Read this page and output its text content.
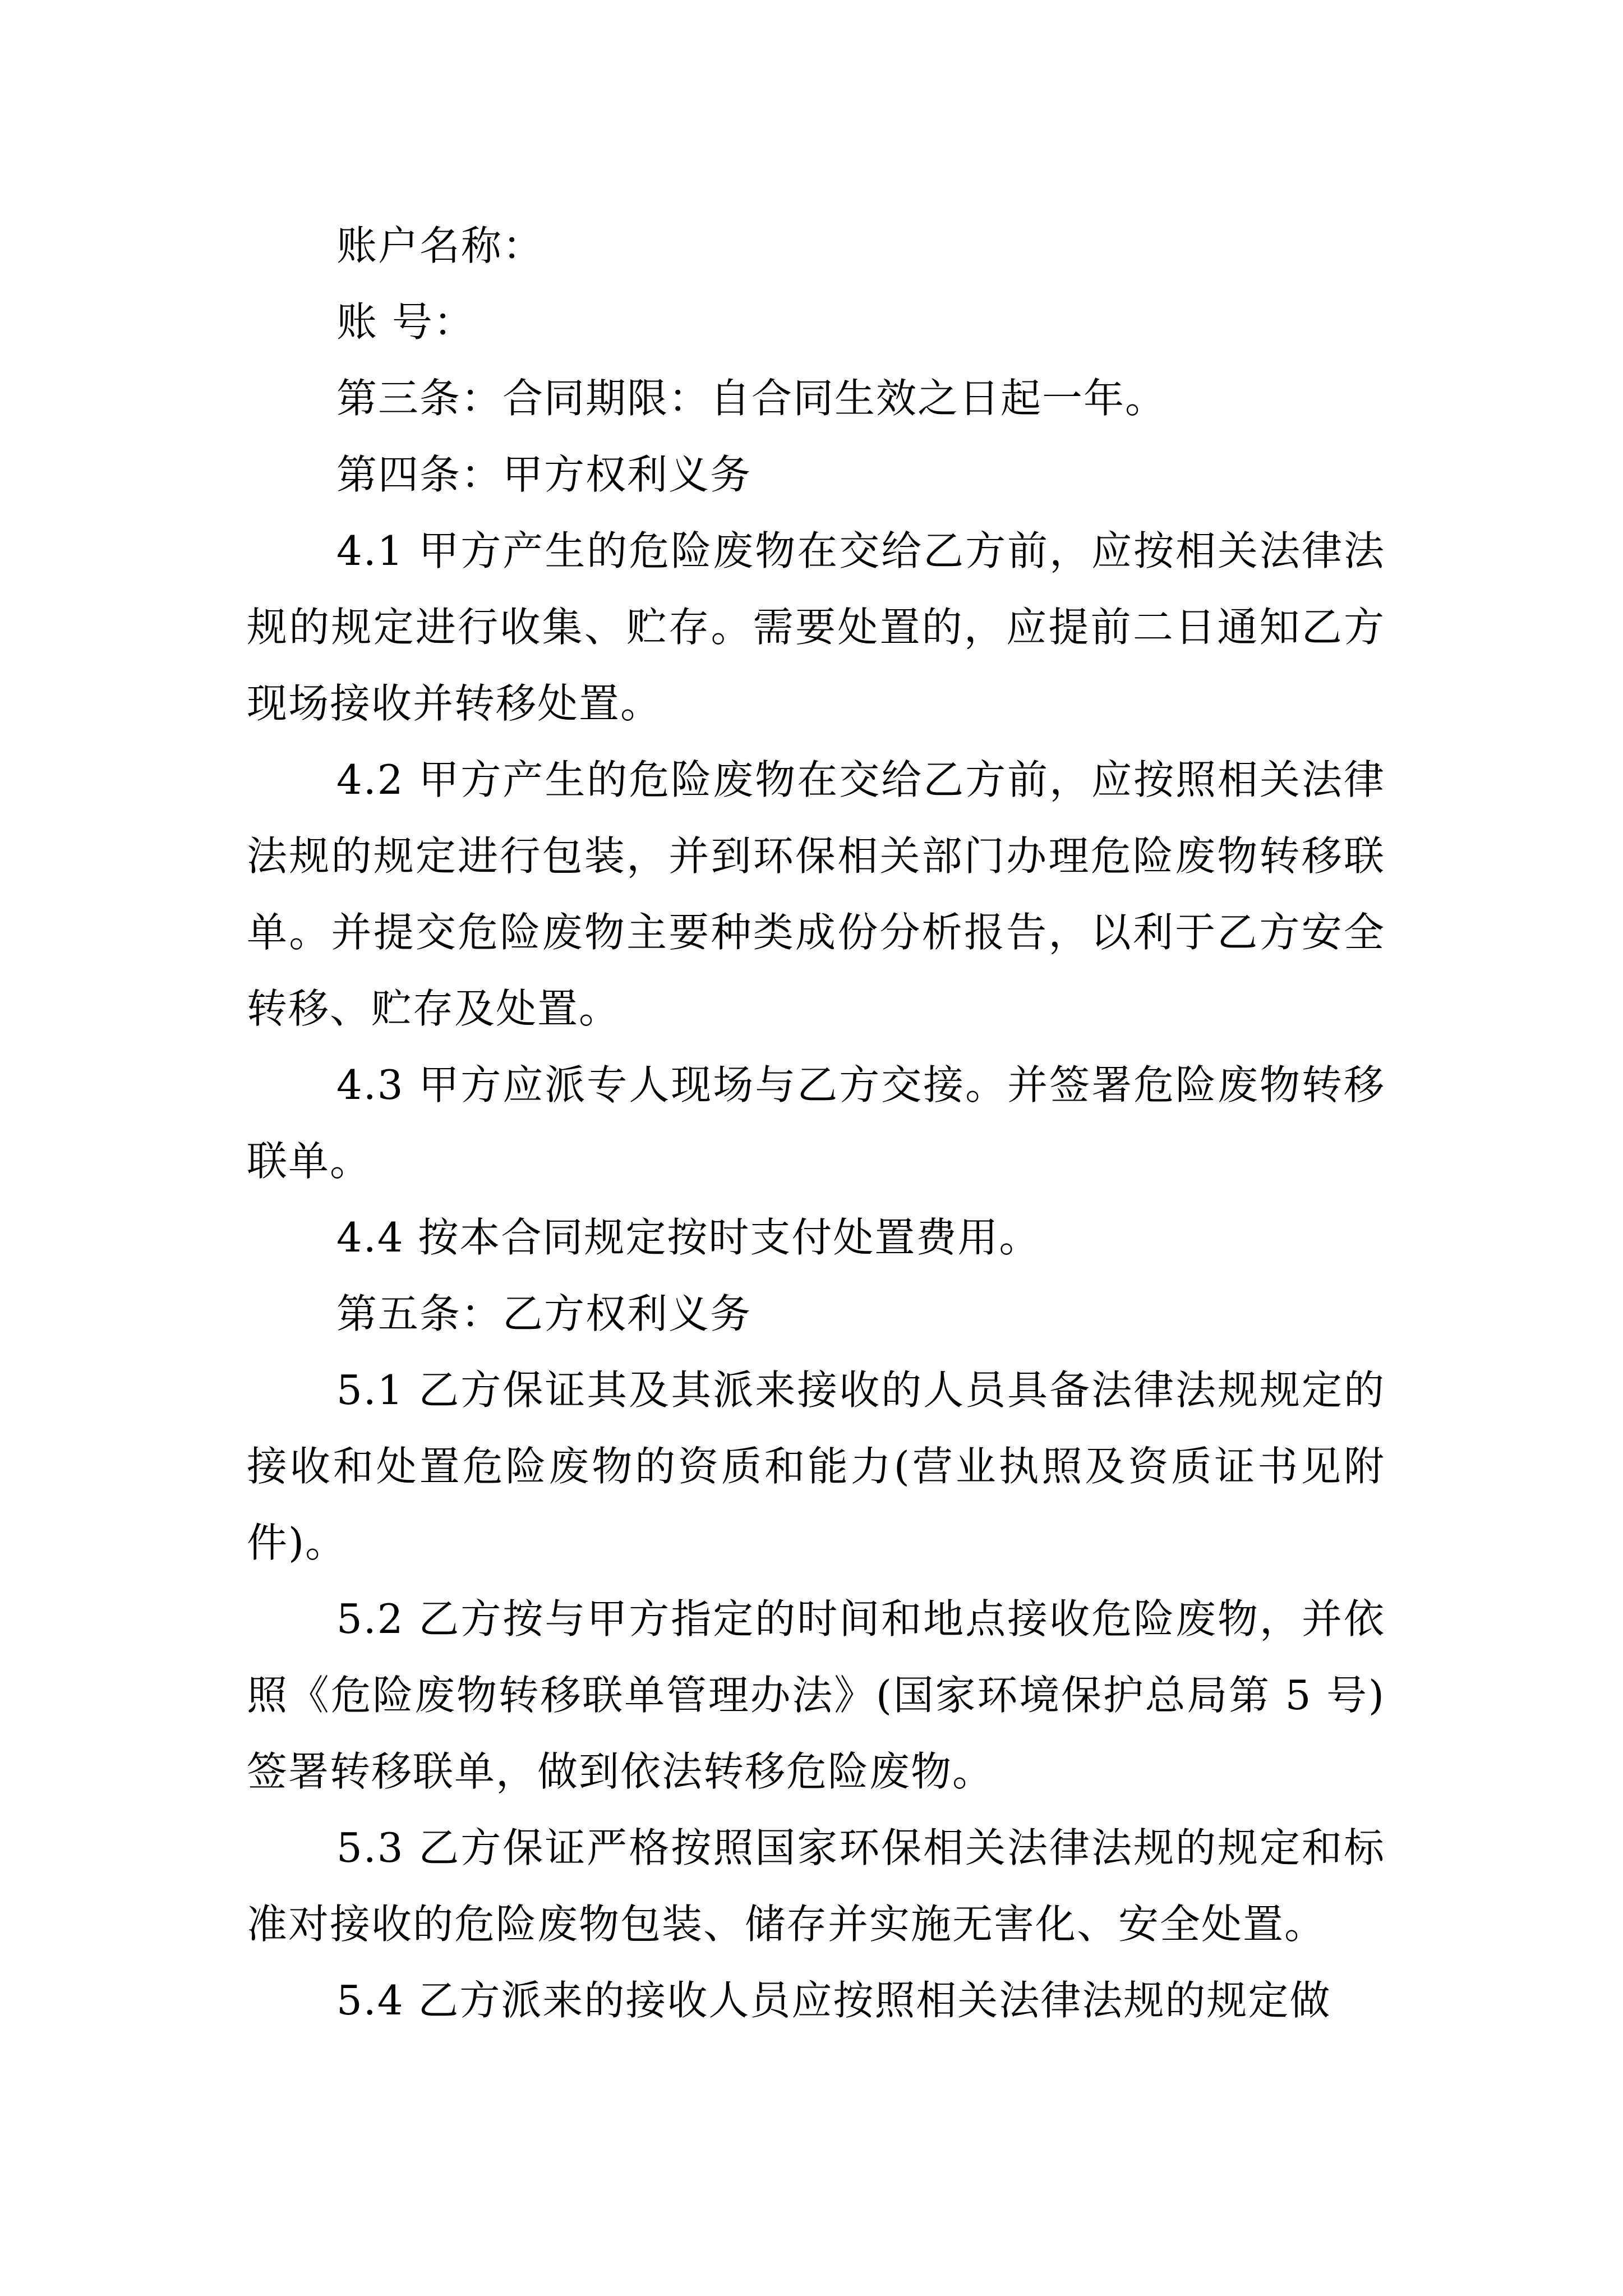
账户名称：

账 号：

第三条：合同期限：自合同生效之日起一年。

第四条：甲方权利义务

4.1 甲方产生的危险废物在交给乙方前，应按相关法律法规的规定进行收集、贮存。需要处置的，应提前二日通知乙方现场接收并转移处置。

4.2 甲方产生的危险废物在交给乙方前，应按照相关法律法规的规定进行包装，并到环保相关部门办理危险废物转移联单。并提交危险废物主要种类成份分析报告，以利于乙方安全转移、贮存及处置。

4.3 甲方应派专人现场与乙方交接。并签署危险废物转移联单。

4.4 按本合同规定按时支付处置费用。

第五条：乙方权利义务

5.1 乙方保证其及其派来接收的人员具备法律法规规定的接收和处置危险废物的资质和能力(营业执照及资质证书见附件)。

5.2 乙方按与甲方指定的时间和地点接收危险废物，并依照《危险废物转移联单管理办法》(国家环境保护总局第 5 号)签署转移联单，做到依法转移危险废物。

5.3 乙方保证严格按照国家环保相关法律法规的规定和标准对接收的危险废物包装、储存并实施无害化、安全处置。

5.4 乙方派来的接收人员应按照相关法律法规的规定做
